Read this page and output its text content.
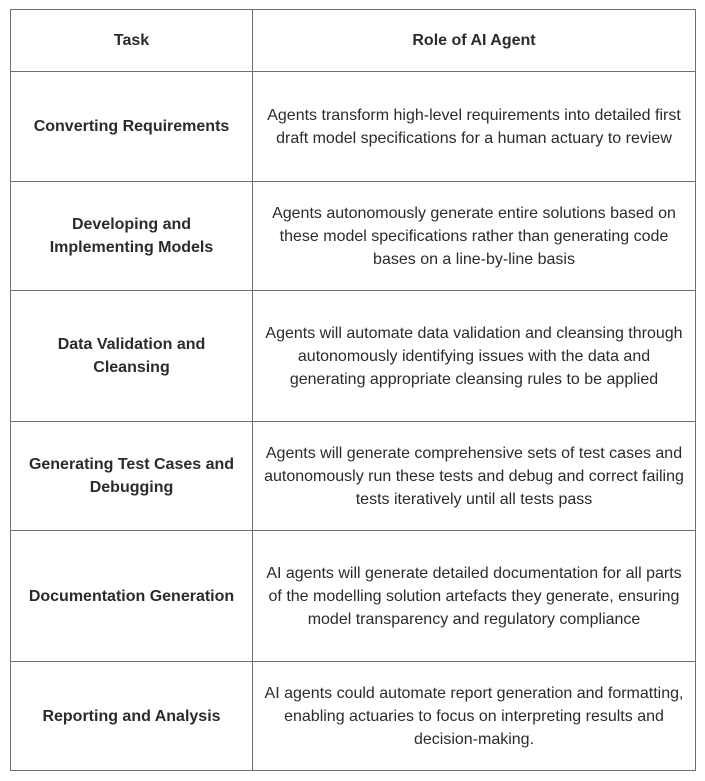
Task	Role of AI Agent
Converting Requirements	Agents transform high-level requirements into detailed first draft model specifications for a human actuary to review
Developing and Implementing Models	Agents autonomously generate entire solutions based on these model specifications rather than generating code bases on a line-by-line basis
Data Validation and Cleansing	Agents will automate data validation and cleansing through autonomously identifying issues with the data and generating appropriate cleansing rules to be applied
Generating Test Cases and Debugging	Agents will generate comprehensive sets of test cases and autonomously run these tests and debug and correct failing tests iteratively until all tests pass
Documentation Generation	AI agents will generate detailed documentation for all parts of the modelling solution artefacts they generate, ensuring model transparency and regulatory compliance
Reporting and Analysis	AI agents could automate report generation and formatting, enabling actuaries to focus on interpreting results and decision-making.
